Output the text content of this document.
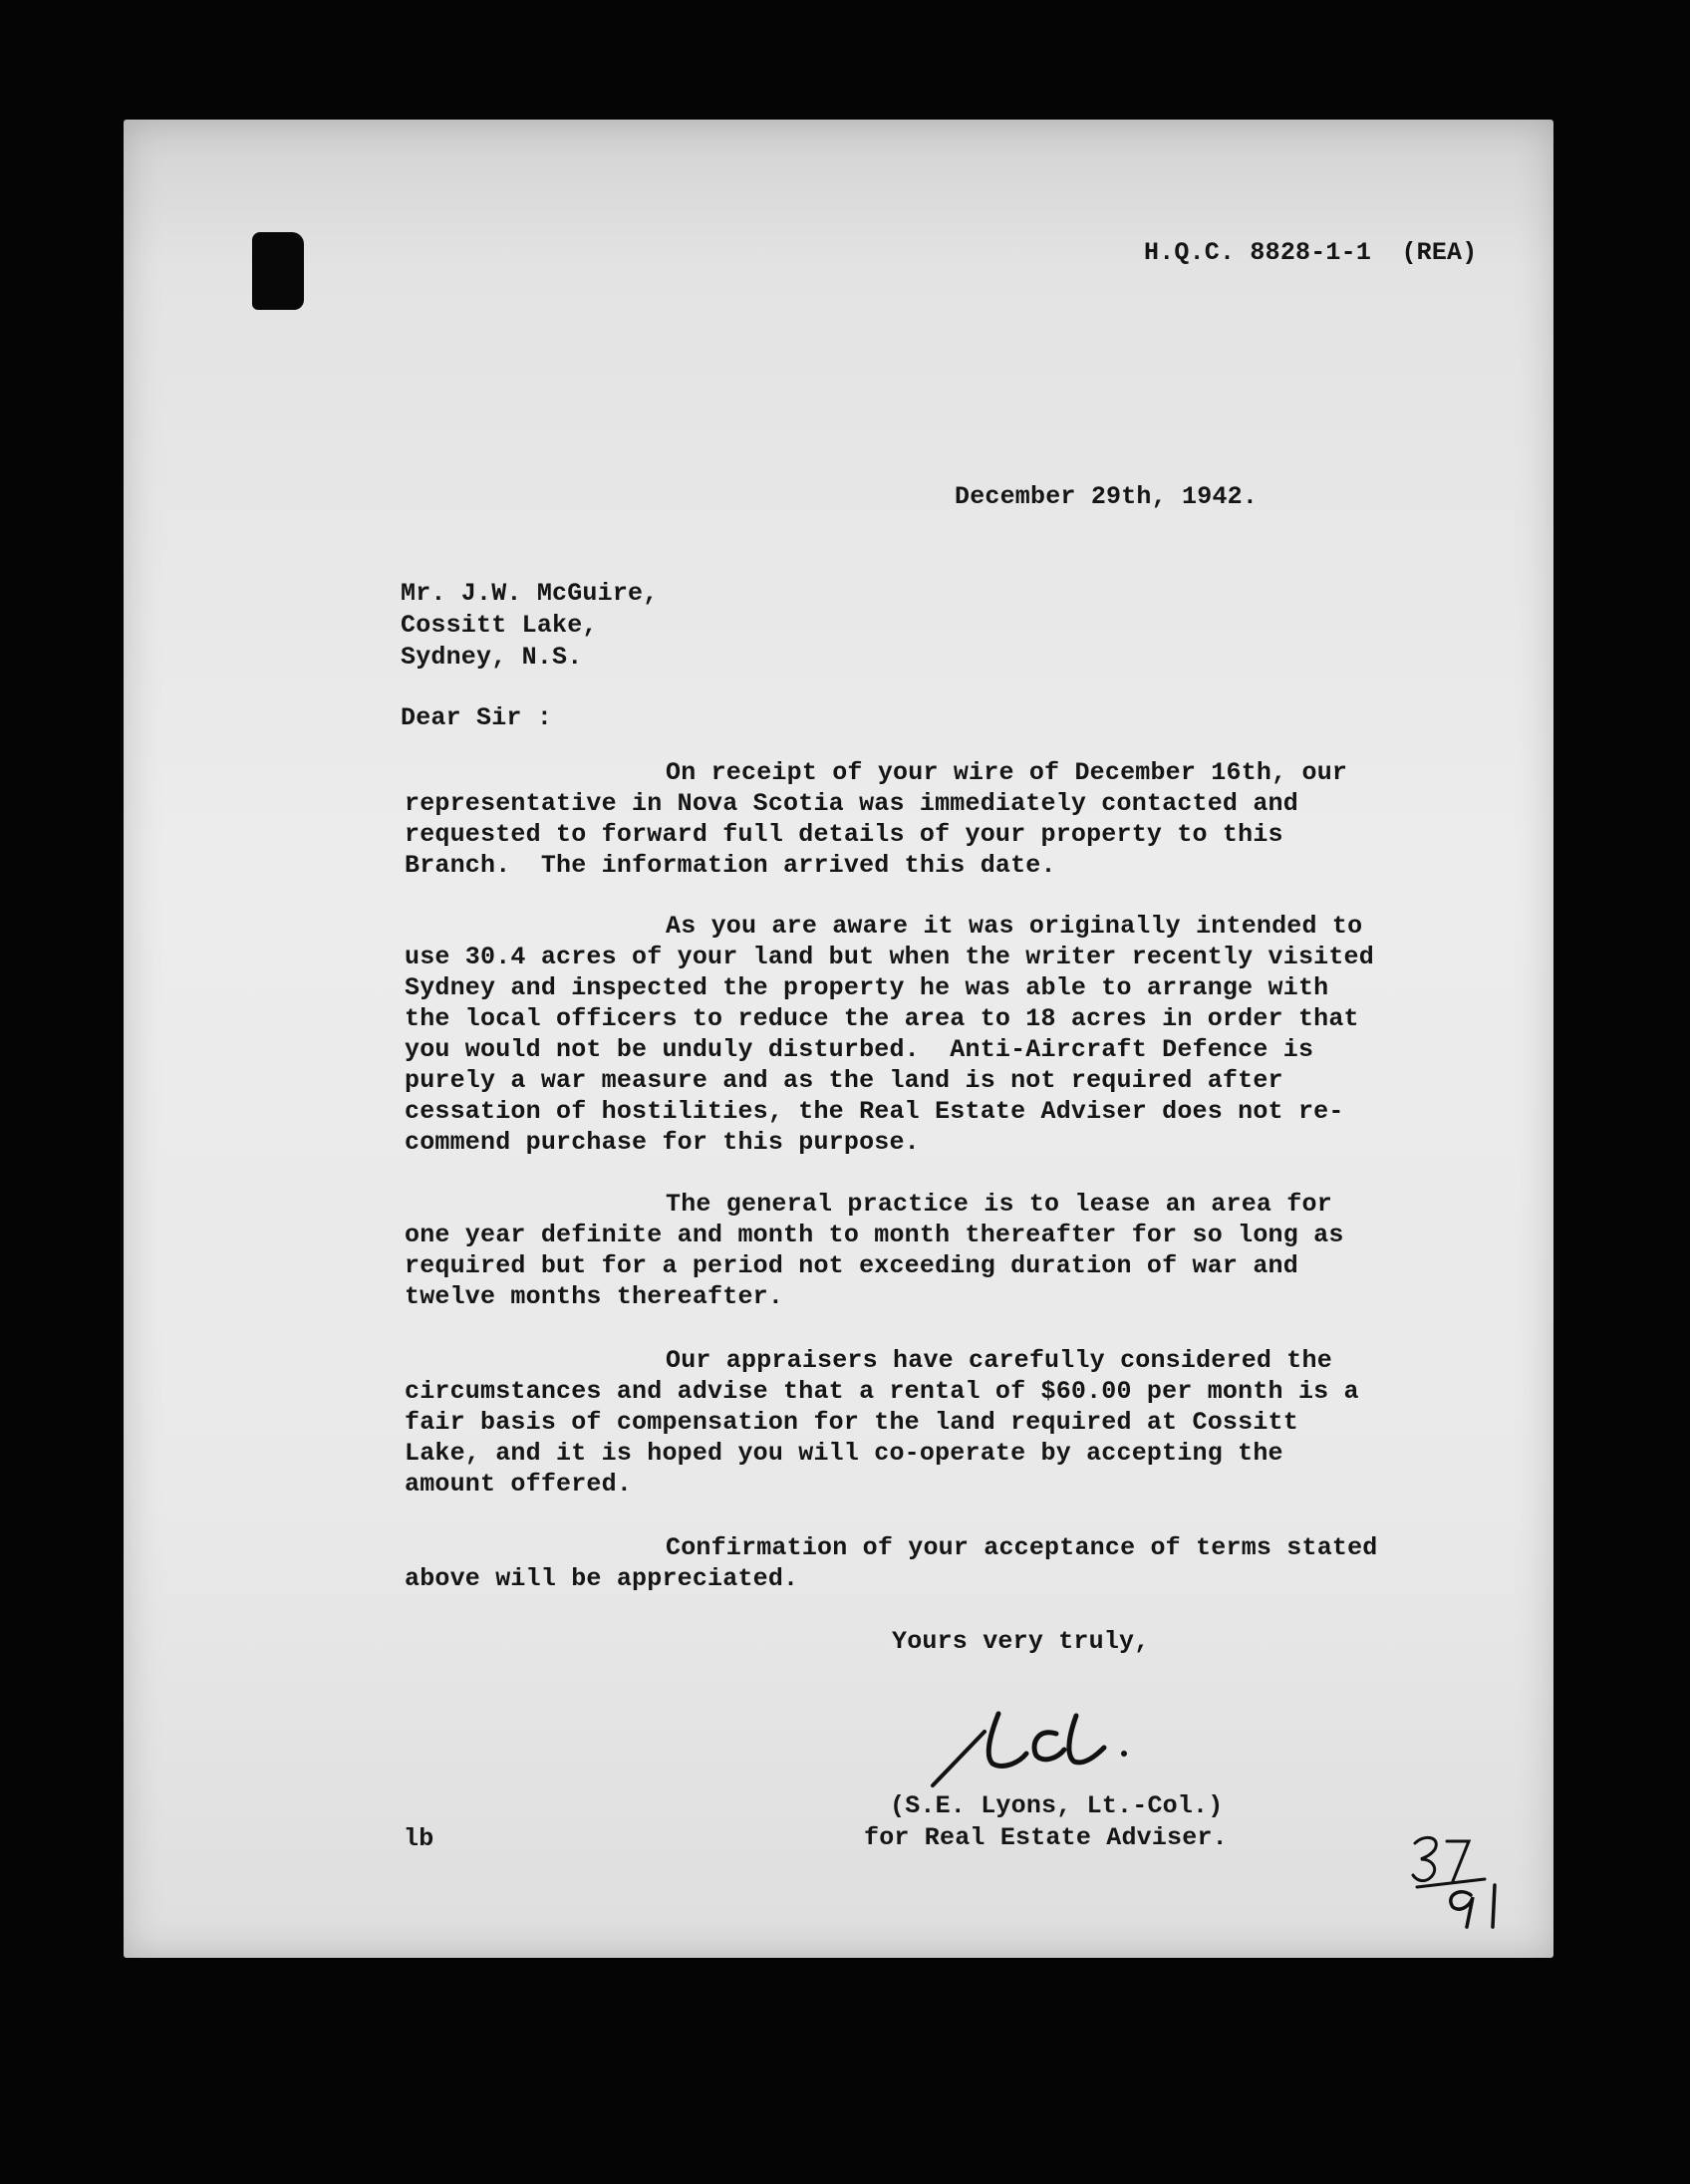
H.Q.C. 8828-1-1  (REA)
December 29th, 1942.
Mr. J.W. McGuire,
Cossitt Lake,
Sydney, N.S.
Dear Sir :
On receipt of your wire of December 16th, our
representative in Nova Scotia was immediately contacted and
requested to forward full details of your property to this
Branch.  The information arrived this date.
As you are aware it was originally intended to
use 30.4 acres of your land but when the writer recently visited
Sydney and inspected the property he was able to arrange with
the local officers to reduce the area to 18 acres in order that
you would not be unduly disturbed.  Anti-Aircraft Defence is
purely a war measure and as the land is not required after
cessation of hostilities, the Real Estate Adviser does not re-
commend purchase for this purpose.
The general practice is to lease an area for
one year definite and month to month thereafter for so long as
required but for a period not exceeding duration of war and
twelve months thereafter.
Our appraisers have carefully considered the
circumstances and advise that a rental of $60.00 per month is a
fair basis of compensation for the land required at Cossitt
Lake, and it is hoped you will co-operate by accepting the
amount offered.
Confirmation of your acceptance of terms stated
above will be appreciated.
Yours very truly,
(S.E. Lyons, Lt.-Col.)
for Real Estate Adviser.
lb
